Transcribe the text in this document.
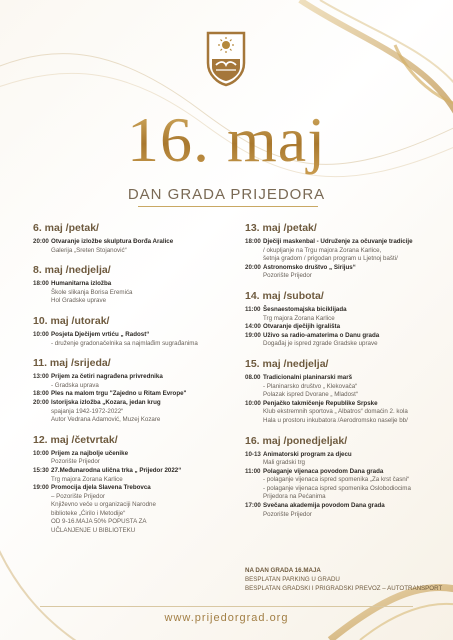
16. maj
DAN GRADA PRIJEDORA
6. maj /petak/
20:00 Otvaranje izložbe skulptura Đorđa Aralice
Galerija „Sreten Stojanović“
8. maj /nedjelja/
18:00 Humanitarna izložba
Škole slikanja Borisa Eremića
Hol Gradske uprave
10. maj /utorak/
10:00 Posjeta Dječijem vrtiću „ Radost“
- druženje gradonačelnika sa najmlađim sugrađanima
11. maj /srijeda/
13:00 Prijem za četiri nagrađena privrednika
- Gradska uprava
18:00 Ples na malom trgu "Zajedno u Ritam Evrope"
20:00 Istorijska izložba „Kozara, jedan krug
spajanja 1942-1972-2022“
Autor Vedrana Adamović, Muzej Kozare
12. maj /četvrtak/
10:00 Prijem za najbolje učenike
Pozorište Prijedor
15:30 27.Međunarodna ulična trka „ Prijedor 2022“
Trg majora Zorana Karlice
19:00 Promocija djela Slavena Trebovca
– Pozorište Prijedor
Književno veče u organizaciji Narodne
biblioteke „Ćirilo i Metodije“
OD 9-16.MAJA 50% POPUSTA ZA
UČLANJENJE U BIBLIOTEKU
13. maj /petak/
18:00 Dječiji maskenbal - Udruženje za očuvanje tradicije
/ okupljanje na Trgu majora Zorana Karlice,
šetnja gradom / prigodan program u Ljetnoj bašti/
20:00 Astronomsko društvo „ Sirijus“
Pozorište Prijedor
14. maj /subota/
11:00 Šesnaestomajska biciklijada
Trg majora Zorana Karlice
14:00 Otvaranje dječijih igrališta
19:00 Uživo sa radio-amaterima o Danu grada
Događaj je ispred zgrade Gradske uprave
15. maj /nedjelja/
08.00 Tradicionalni planinarski marš
- Planinarsko društvo „ Klekovača“
Polazak ispred Dvorane „ Mladost“
10:00 Penjačko takmičenje Republike Srpske
Klub ekstremnih sportova „ Albatros“ domaćin 2. kola
Hala u prostoru inkubatora /Aerodromsko naselje bb/
16. maj /ponedjeljak/
10-13 Animatorski program za djecu
Mali gradski trg
11:00 Polaganje vijenaca povodom Dana grada
- polaganje vijenaca ispred spomenika „Za krst časni“
- polaganje vijenaca ispred spomenika Oslobodiocima
Prijedora na Pećanima
17:00 Svečana akademija povodom Dana grada
Pozorište Prijedor
NA DAN GRADA 16.MAJA
BESPLATAN PARKING U GRADU
BESPLATAN GRADSKI I PRIGRADSKI PREVOZ – AUTOTRANSPORT
www.prijedorgrad.org
